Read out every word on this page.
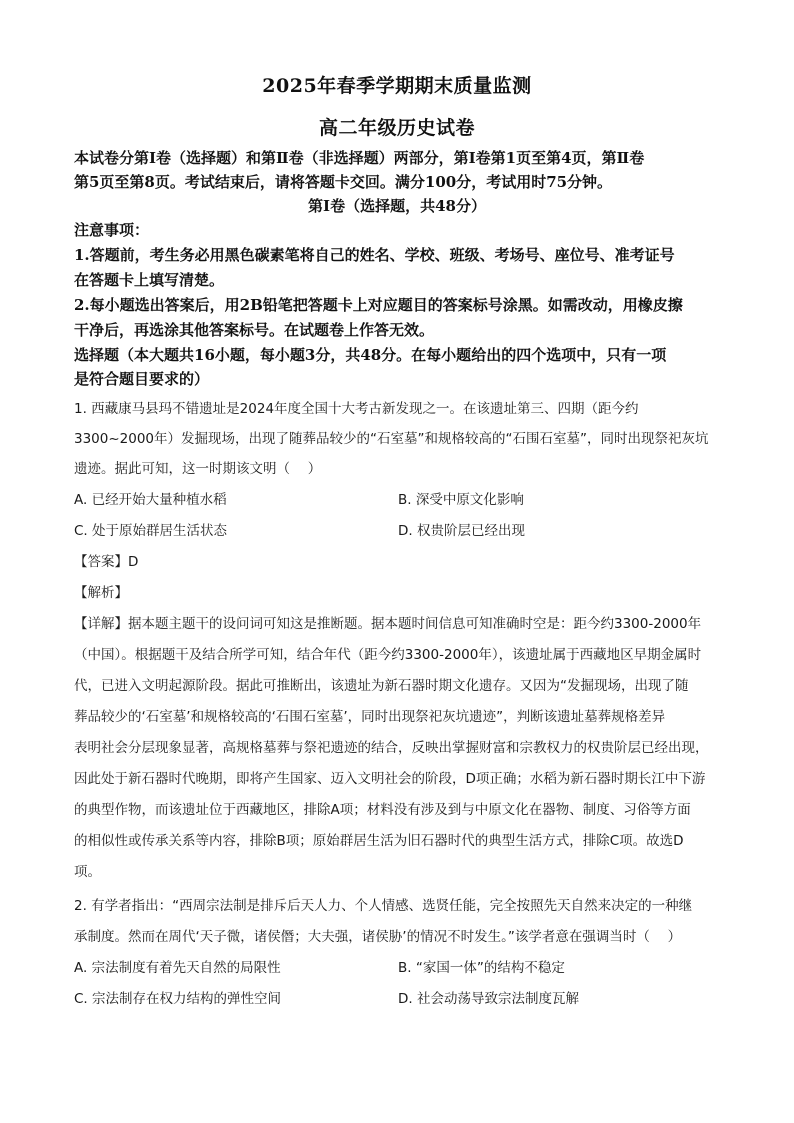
2025年春季学期期末质量监测
高二年级历史试卷
本试卷分第Ⅰ卷（选择题）和第Ⅱ卷（非选择题）两部分，第Ⅰ卷第1页至第4页，第Ⅱ卷
第5页至第8页。考试结束后，请将答题卡交回。满分100分，考试用时75分钟。
第Ⅰ卷（选择题，共48分）
注意事项：
1.答题前，考生务必用黑色碳素笔将自己的姓名、学校、班级、考场号、座位号、准考证号
在答题卡上填写清楚。
2.每小题选出答案后，用2B铅笔把答题卡上对应题目的答案标号涂黑。如需改动，用橡皮擦
干净后，再选涂其他答案标号。在试题卷上作答无效。
选择题（本大题共16小题，每小题3分，共48分。在每小题给出的四个选项中，只有一项
是符合题目要求的）
1. 西藏康马县玛不错遗址是2024年度全国十大考古新发现之一。在该遗址第三、四期（距今约
3300~2000年）发掘现场，出现了随葬品较少的“石室墓”和规格较高的“石围石室墓”，同时出现祭祀灰坑
遗迹。据此可知，这一时期该文明（　 ）
A. 已经开始大量种植水稻	B. 深受中原文化影响
C. 处于原始群居生活状态	D. 权贵阶层已经出现
【答案】D
【解析】
【详解】据本题主题干的设问词可知这是推断题。据本题时间信息可知准确时空是：距今约3300-2000年
（中国）。根据题干及结合所学可知，结合年代（距今约3300-2000年），该遗址属于西藏地区早期金属时
代，已进入文明起源阶段。据此可推断出，该遗址为新石器时期文化遗存。又因为“发掘现场，出现了随
葬品较少的‘石室墓’和规格较高的‘石围石室墓’，同时出现祭祀灰坑遗迹”，判断该遗址墓葬规格差异
表明社会分层现象显著，高规格墓葬与祭祀遗迹的结合，反映出掌握财富和宗教权力的权贵阶层已经出现，
因此处于新石器时代晚期，即将产生国家、迈入文明社会的阶段，D项正确；水稻为新石器时期长江中下游
的典型作物，而该遗址位于西藏地区，排除A项；材料没有涉及到与中原文化在器物、制度、习俗等方面
的相似性或传承关系等内容，排除B项；原始群居生活为旧石器时代的典型生活方式，排除C项。故选D
项。
2. 有学者指出：“西周宗法制是排斥后天人力、个人情感、选贤任能，完全按照先天自然来决定的一种继
承制度。然而在周代‘天子微，诸侯僭；大夫强，诸侯胁’的情况不时发生。”该学者意在强调当时（　 ）
A. 宗法制度有着先天自然的局限性	B. “家国一体”的结构不稳定
C. 宗法制存在权力结构的弹性空间	D. 社会动荡导致宗法制度瓦解
